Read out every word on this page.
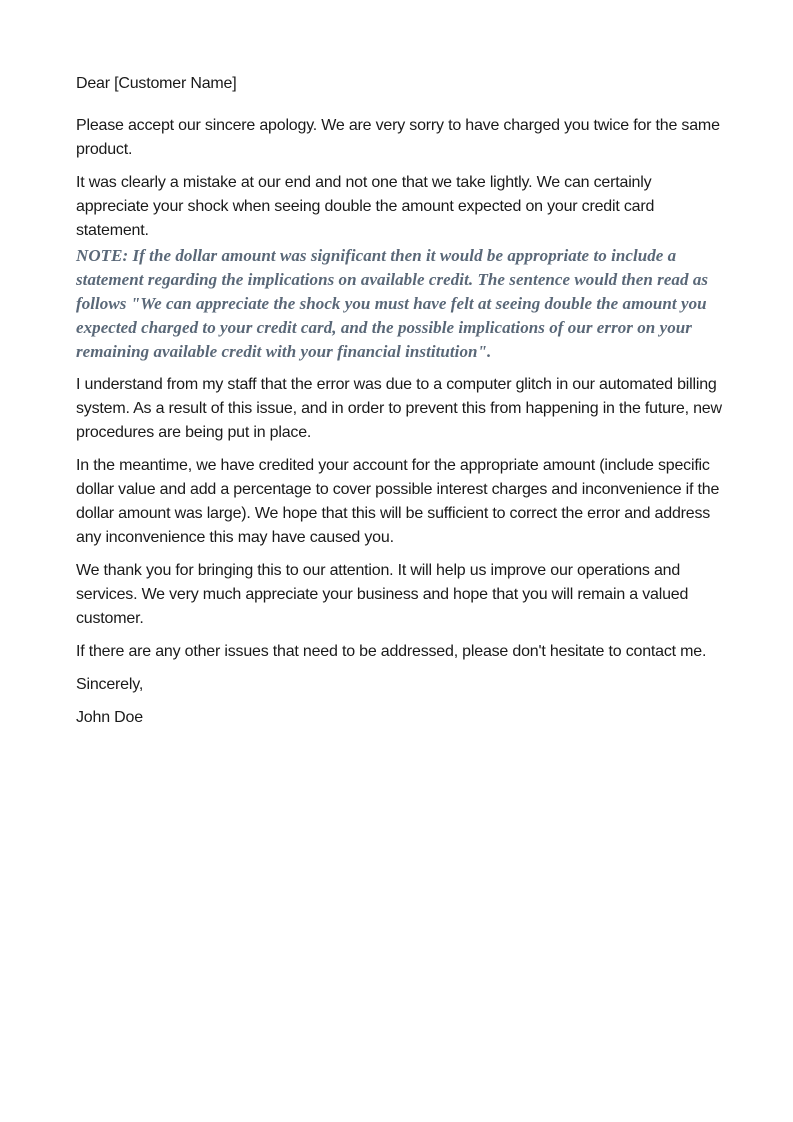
Dear [Customer Name]

Please accept our sincere apology. We are very sorry to have charged you twice for the same product.

It was clearly a mistake at our end and not one that we take lightly. We can certainly appreciate your shock when seeing double the amount expected on your credit card statement.

NOTE: If the dollar amount was significant then it would be appropriate to include a statement regarding the implications on available credit. The sentence would then read as follows "We can appreciate the shock you must have felt at seeing double the amount you expected charged to your credit card, and the possible implications of our error on your remaining available credit with your financial institution".

I understand from my staff that the error was due to a computer glitch in our automated billing system. As a result of this issue, and in order to prevent this from happening in the future, new procedures are being put in place.

In the meantime, we have credited your account for the appropriate amount (include specific dollar value and add a percentage to cover possible interest charges and inconvenience if the dollar amount was large). We hope that this will be sufficient to correct the error and address any inconvenience this may have caused you.

We thank you for bringing this to our attention. It will help us improve our operations and services. We very much appreciate your business and hope that you will remain a valued customer.

If there are any other issues that need to be addressed, please don't hesitate to contact me.

Sincerely,

John Doe
